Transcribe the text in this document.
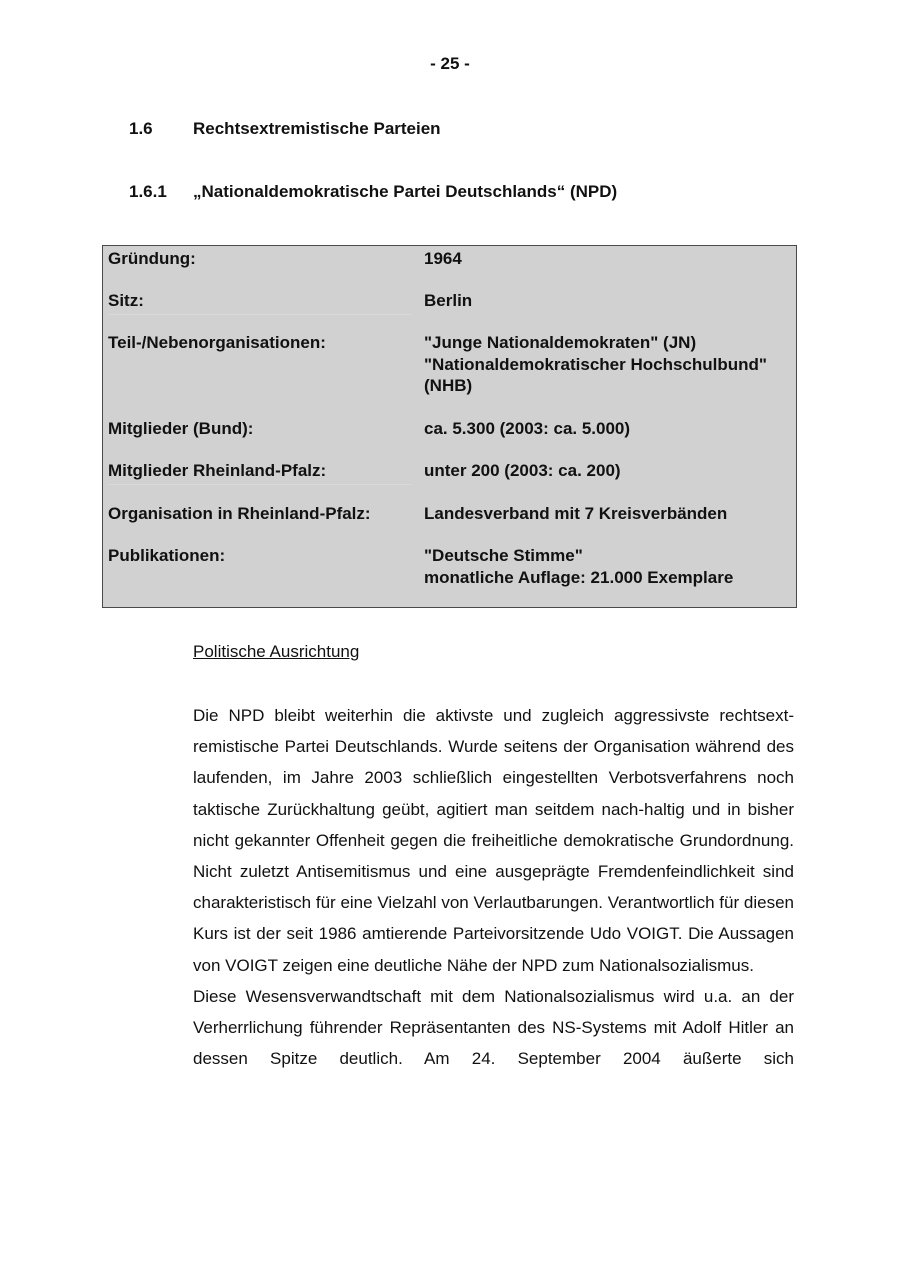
- 25 -
1.6	Rechtsextremistische Parteien
1.6.1	„Nationaldemokratische Partei Deutschlands“ (NPD)
Gründung:	1964
Sitz:	Berlin
Teil-/Nebenorganisationen:	"Junge Nationaldemokraten" (JN)
"Nationaldemokratischer Hochschulbund"
(NHB)
Mitglieder (Bund):	ca. 5.300 (2003: ca. 5.000)
Mitglieder Rheinland-Pfalz:	unter 200 (2003: ca. 200)
Organisation in Rheinland-Pfalz:	Landesverband mit 7 Kreisverbänden
Publikationen:	"Deutsche Stimme"
monatliche Auflage: 21.000 Exemplare
Politische Ausrichtung

Die NPD bleibt weiterhin die aktivste und zugleich aggressivste rechtsextremistische Partei Deutschlands. Wurde seitens der Organisation während des laufenden, im Jahre 2003 schließlich eingestellten Verbotsverfahrens noch taktische Zurückhaltung geübt, agitiert man seitdem nach-haltig und in bisher nicht gekannter Offenheit gegen die freiheitliche demokratische Grundordnung. Nicht zuletzt Antisemitismus und eine ausgeprägte Fremdenfeindlichkeit sind charakteristisch für eine Vielzahl von Verlautbarungen. Verantwortlich für diesen Kurs ist der seit 1986 amtierende Parteivorsitzende Udo VOIGT. Die Aussagen von VOIGT zeigen eine deutliche Nähe der NPD zum Nationalsozialismus.

Diese Wesensverwandtschaft mit dem Nationalsozialismus wird u.a. an der Verherrlichung führender Repräsentanten des NS-Systems mit Adolf Hitler an dessen Spitze deutlich. Am 24. September 2004 äußerte sich
